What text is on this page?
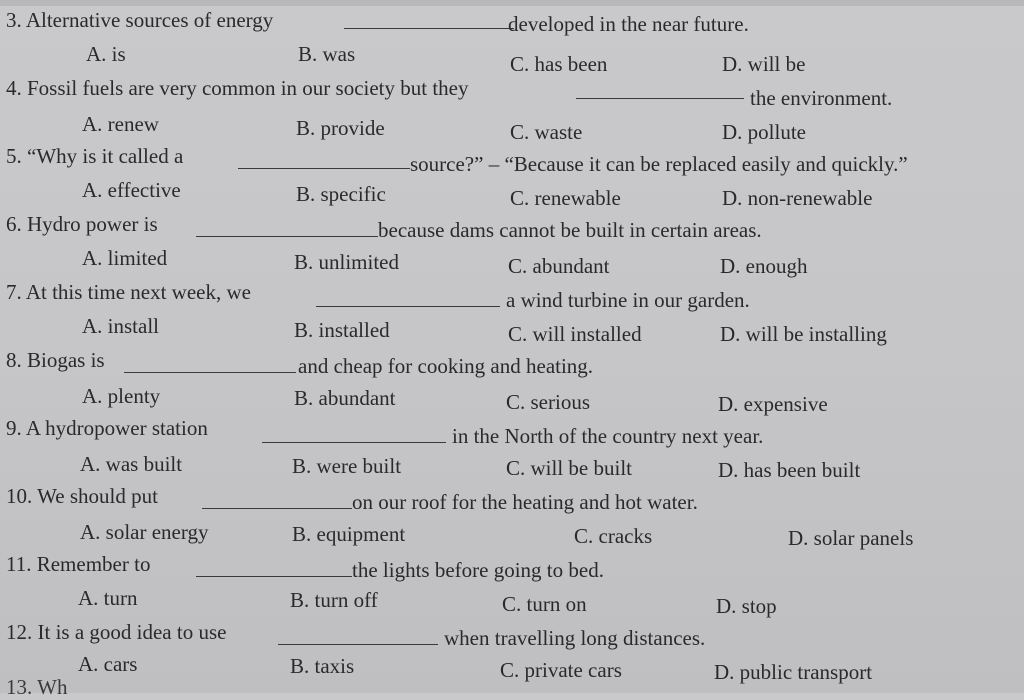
3. Alternative sources of energy	developed in the near future.
A. is	B. was	C. has been	D. will be
4. Fossil fuels are very common in our society but they	the environment.
A. renew	B. provide	C. waste	D. pollute
5. “Why is it called a	source?” – “Because it can be replaced easily and quickly.”
A. effective	B. specific	C. renewable	D. non-renewable
6. Hydro power is	because dams cannot be built in certain areas.
A. limited	B. unlimited	C. abundant	D. enough
7. At this time next week, we	a wind turbine in our garden.
A. install	B. installed	C. will installed	D. will be installing
8. Biogas is	and cheap for cooking and heating.
A. plenty	B. abundant	C. serious	D. expensive
9. A hydropower station	in the North of the country next year.
A. was built	B. were built	C. will be built	D. has been built
10. We should put	on our roof for the heating and hot water.
A. solar energy	B. equipment	C. cracks	D. solar panels
11. Remember to	the lights before going to bed.
A. turn	B. turn off	C. turn on	D. stop
12. It is a good idea to use	when travelling long distances.
A. cars	B. taxis	C. private cars	D. public transport
13. Wh
